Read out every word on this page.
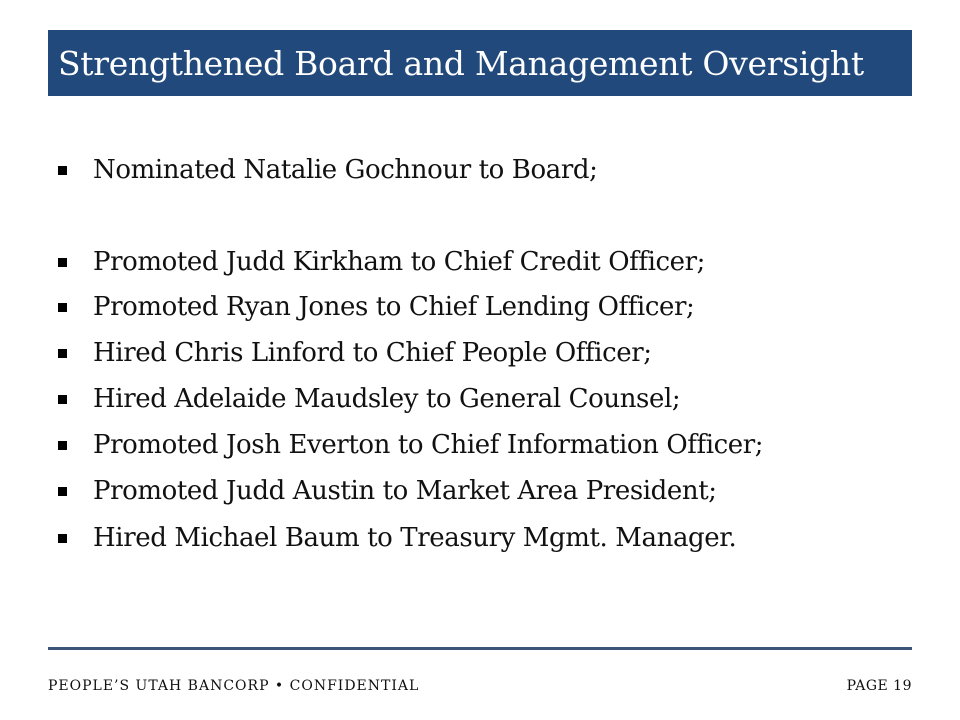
Strengthened Board and Management Oversight
Nominated Natalie Gochnour to Board;
Promoted Judd Kirkham to Chief Credit Officer;
Promoted Ryan Jones to Chief Lending Officer;
Hired Chris Linford to Chief People Officer;
Hired Adelaide Maudsley to General Counsel;
Promoted Josh Everton to Chief Information Officer;
Promoted Judd Austin to Market Area President;
Hired Michael Baum to Treasury Mgmt. Manager.
PEOPLE’S UTAH BANCORP • CONFIDENTIAL	PAGE 19
